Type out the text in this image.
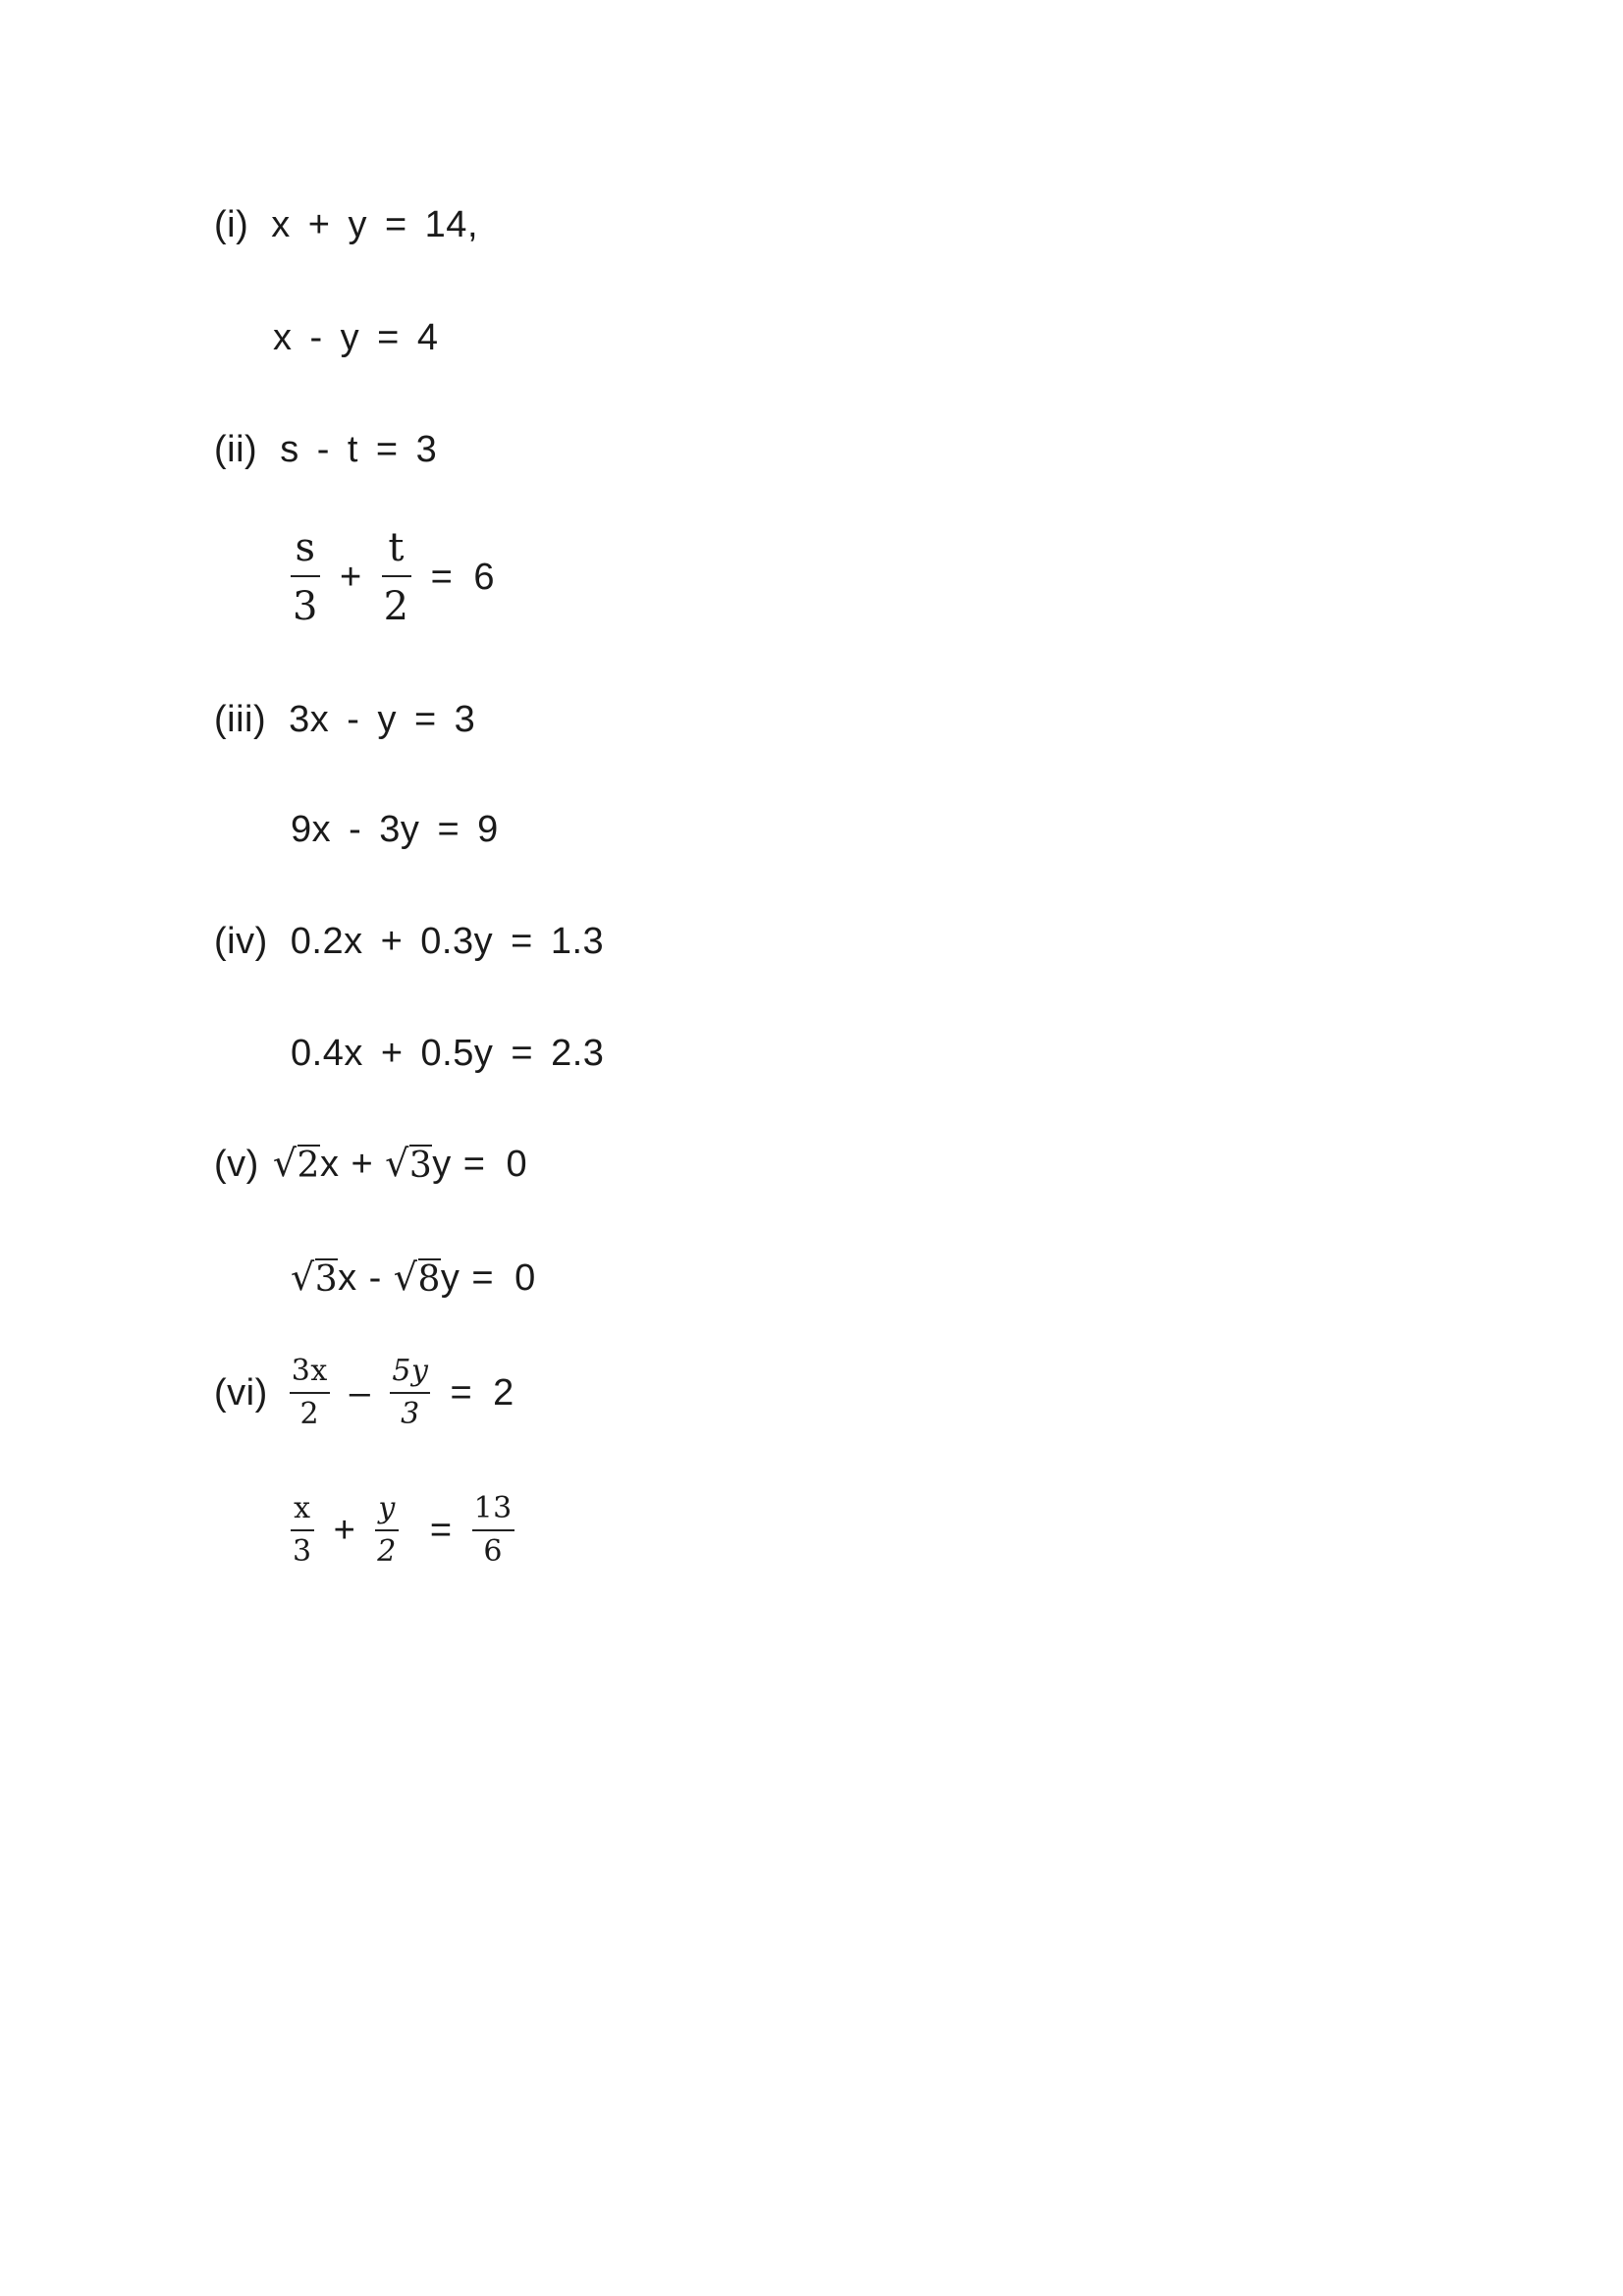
(i) x + y = 14,
x - y = 4
(ii) s - t = 3
$\frac{s}{3} + \frac{t}{2} = 6$
(iii) 3x - y = 3
9x - 3y = 9
(iv) 0.2x + 0.3y = 1.3
0.4x + 0.5y = 2.3
(v) √ 2 x + √ 3 y = 0
√ 3 x - √ 8 y = 0
$(vi) \frac{3x}{2} - \frac{5y}{3} = 2$
$\frac{x}{3} + \frac{y}{2} = \frac{13}{6}$
